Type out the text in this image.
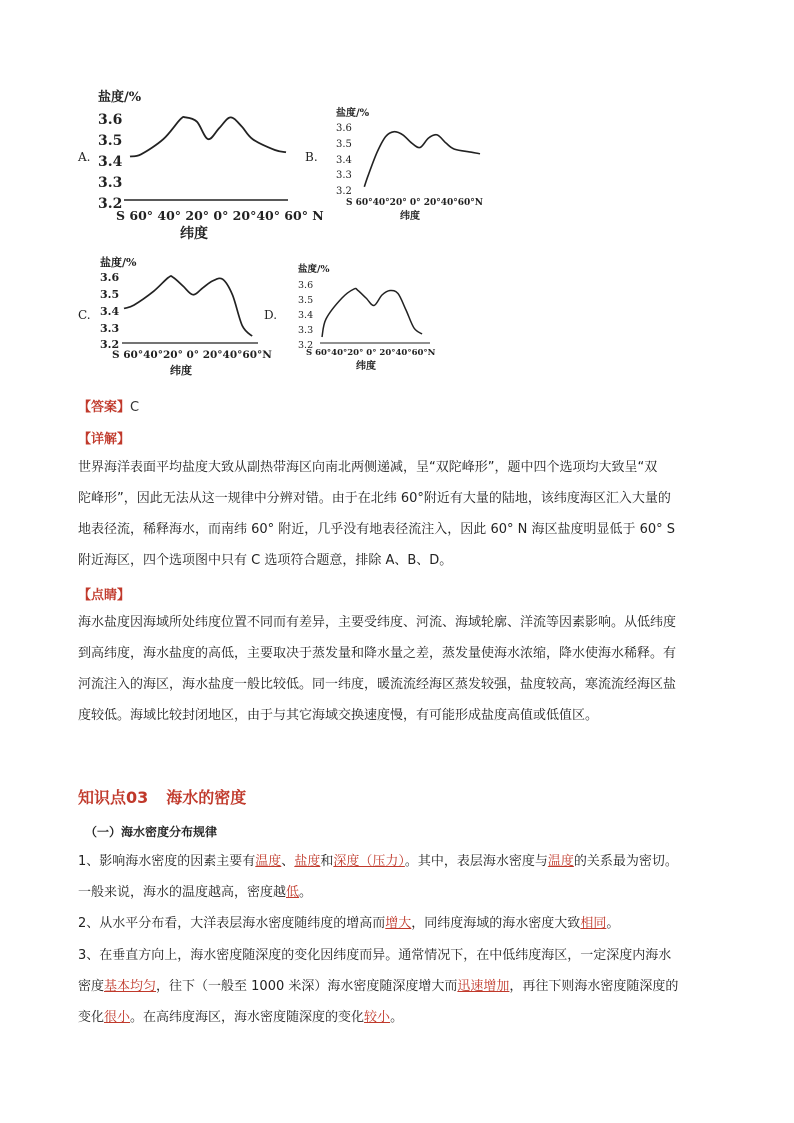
A.	B.
C.	D.
盐度/%
3.6
3.5
3.4
3.3
3.2
S 60° 40° 20° 0° 20°40° 60° N
纬度
盐度/%
3.6
3.5
3.4
3.3
3.2
S 60°40°20° 0° 20°40°60°N
纬度
盐度/%
3.6
3.5
3.4
3.3
3.2
S 60°40°20° 0° 20°40°60°N
纬度
盐度/%
3.6
3.5
3.4
3.3
3.2
S 60°40°20° 0° 20°40°60°N
纬度
【答案】C
【详解】
世界海洋表面平均盐度大致从副热带海区向南北两侧递减，呈“双陀峰形”，题中四个选项均大致呈“双
陀峰形”，因此无法从这一规律中分辨对错。由于在北纬 60°附近有大量的陆地，该纬度海区汇入大量的
地表径流，稀释海水，而南纬 60° 附近，几乎没有地表径流注入，因此 60° N 海区盐度明显低于 60° S
附近海区，四个选项图中只有 C 选项符合题意，排除 A、B、D。
【点睛】
海水盐度因海域所处纬度位置不同而有差异，主要受纬度、河流、海域轮廓、洋流等因素影响。从低纬度
到高纬度，海水盐度的高低，主要取决于蒸发量和降水量之差，蒸发量使海水浓缩，降水使海水稀释。有
河流注入的海区，海水盐度一般比较低。同一纬度，暖流流经海区蒸发较强，盐度较高，寒流流经海区盐
度较低。海域比较封闭地区，由于与其它海域交换速度慢，有可能形成盐度高值或低值区。
知识点03 海水的密度
（一）海水密度分布规律
1、影响海水密度的因素主要有温度、盐度和深度（压力）。其中，表层海水密度与温度的关系最为密切。
一般来说，海水的温度越高，密度越低。
2、从水平分布看，大洋表层海水密度随纬度的增高而增大，同纬度海域的海水密度大致相同。
3、在垂直方向上，海水密度随深度的变化因纬度而异。通常情况下，在中低纬度海区，一定深度内海水
密度基本均匀，往下（一般至 1000 米深）海水密度随深度增大而迅速增加，再往下则海水密度随深度的
变化很小。在高纬度海区，海水密度随深度的变化较小。
